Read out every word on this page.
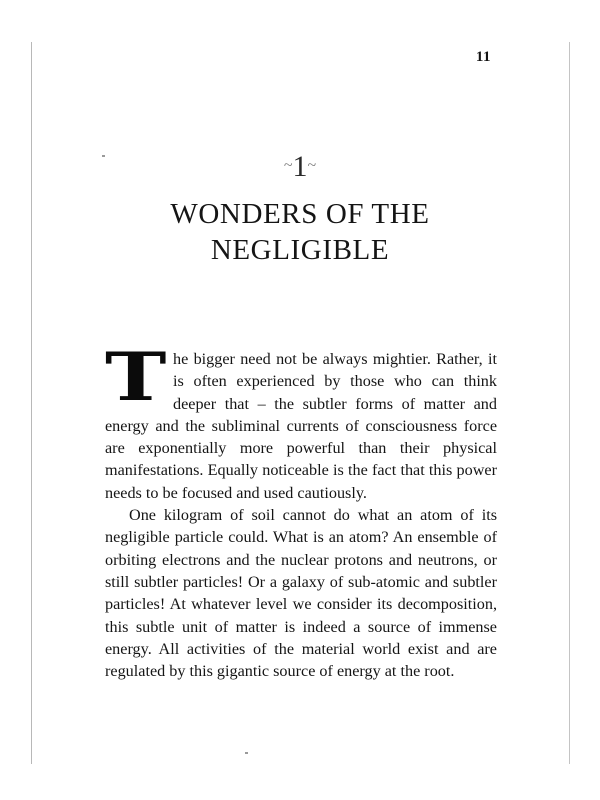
11
~1~
WONDERS OF THE
NEGLIGIBLE

The bigger need not be always mightier. Rather, it is often experienced by those who can think deeper that – the subtler forms of matter and energy and the subliminal currents of consciousness force are exponentially more powerful than their physical manifestations. Equally noticeable is the fact that this power needs to be focused and used cautiously.

One kilogram of soil cannot do what an atom of its negligible particle could. What is an atom? An ensemble of orbiting electrons and the nuclear protons and neutrons, or still subtler particles! Or a galaxy of sub-atomic and subtler particles! At whatever level we consider its decomposition, this subtle unit of matter is indeed a source of immense energy. All activities of the material world exist and are regulated by this gigantic source of energy at the root.
